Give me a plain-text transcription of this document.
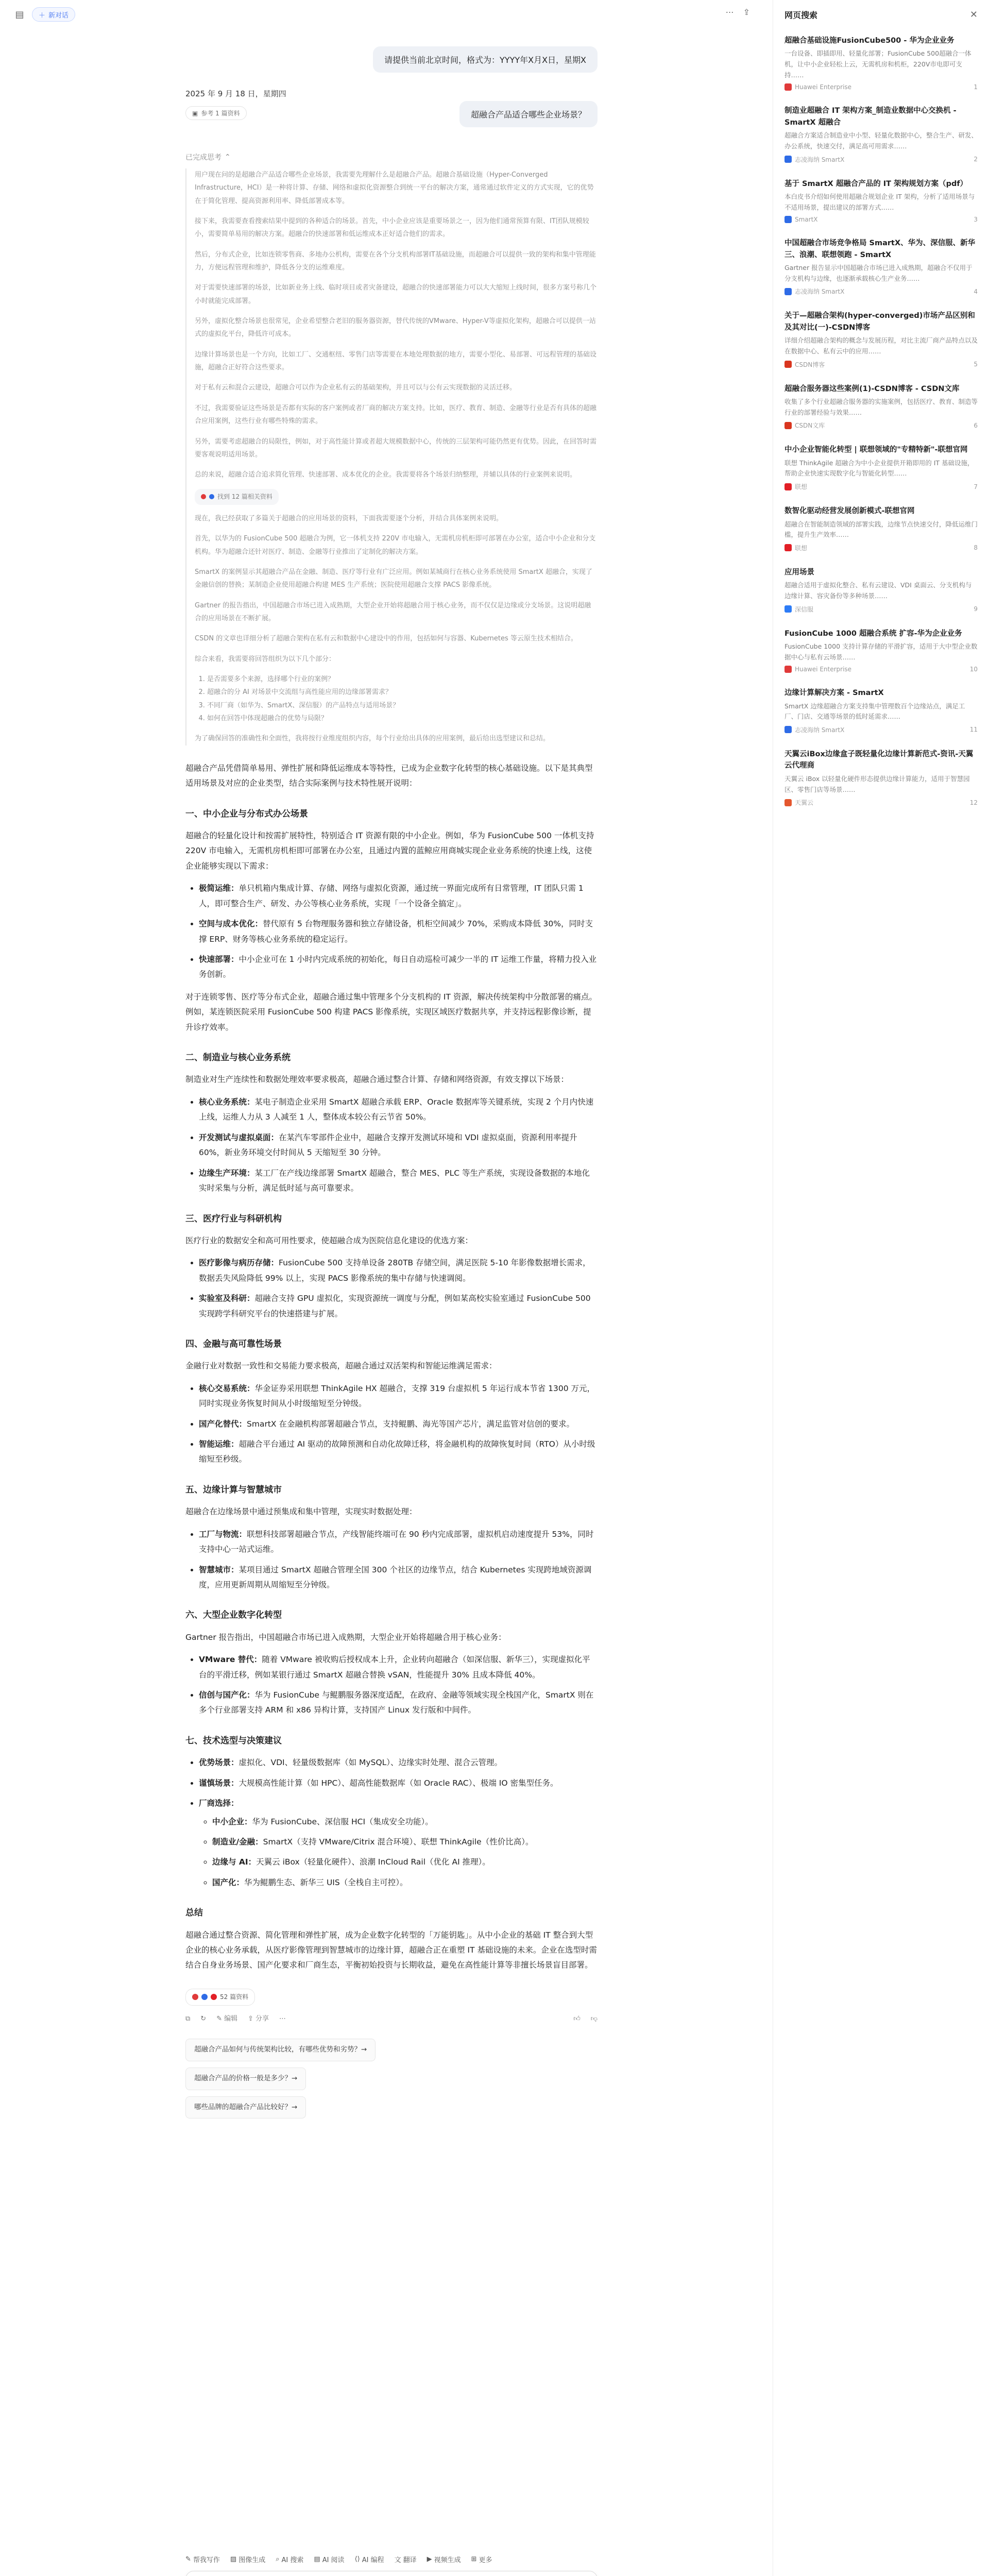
▤	＋ 新对话	⋯ ⇪
请提供当前北京时间，格式为：YYYY年X月X日，星期X
2025 年 9 月 18 日，星期四
▣ 参考 1 篇资料	超融合产品适合哪些企业场景？
已完成思考 ⌃

用户现在问的是超融合产品适合哪些企业场景，我需要先理解什么是超融合产品。超融合基础设施（Hyper-Converged Infrastructure，HCI）是一种将计算、存储、网络和虚拟化资源整合到统一平台的解决方案，通常通过软件定义的方式实现，它的优势在于简化管理、提高资源利用率、降低部署成本等。

接下来，我需要查看搜索结果中提到的各种适合的场景。首先，中小企业应该是重要场景之一，因为他们通常预算有限、IT团队规模较小，需要简单易用的解决方案。超融合的快速部署和低运维成本正好适合他们的需求。

然后，分布式企业，比如连锁零售商、多地办公机构，需要在各个分支机构部署IT基础设施，而超融合可以提供一致的架构和集中管理能力，方便远程管理和维护，降低各分支的运维难度。

对于需要快速部署的场景，比如新业务上线、临时项目或者灾备建设，超融合的快速部署能力可以大大缩短上线时间，很多方案号称几个小时就能完成部署。

另外，虚拟化整合场景也很常见，企业希望整合老旧的服务器资源，替代传统的VMware、Hyper-V等虚拟化架构，超融合可以提供一站式的虚拟化平台，降低许可成本。

边缘计算场景也是一个方向，比如工厂、交通枢纽、零售门店等需要在本地处理数据的地方，需要小型化、易部署、可远程管理的基础设施，超融合正好符合这些要求。

对于私有云和混合云建设，超融合可以作为企业私有云的基础架构，并且可以与公有云实现数据的灵活迁移。

不过，我需要验证这些场景是否都有实际的客户案例或者厂商的解决方案支持。比如，医疗、教育、制造、金融等行业是否有具体的超融合应用案例，这些行业有哪些特殊的需求。

另外，需要考虑超融合的局限性，例如，对于高性能计算或者超大规模数据中心，传统的三层架构可能仍然更有优势。因此，在回答时需要客观说明适用场景。

总的来说，超融合适合追求简化管理、快速部署、成本优化的企业。我需要将各个场景归纳整理，并辅以具体的行业案例来说明。

找到 12 篇相关资料

现在，我已经获取了多篇关于超融合的应用场景的资料，下面我需要逐个分析，并结合具体案例来说明。

首先，以华为的 FusionCube 500 超融合为例，它一体机支持 220V 市电输入，无需机房机柜即可部署在办公室，适合中小企业和分支机构。华为超融合还针对医疗、制造、金融等行业推出了定制化的解决方案。

SmartX 的案例显示其超融合产品在金融、制造、医疗等行业有广泛应用。例如某城商行在核心业务系统使用 SmartX 超融合，实现了金融信创的替换；某制造企业使用超融合构建 MES 生产系统；医院使用超融合支撑 PACS 影像系统。

Gartner 的报告指出，中国超融合市场已进入成熟期，大型企业开始将超融合用于核心业务，而不仅仅是边缘或分支场景。这说明超融合的应用场景在不断扩展。

CSDN 的文章也详细分析了超融合架构在私有云和数据中心建设中的作用，包括如何与容器、Kubernetes 等云原生技术相结合。

综合来看，我需要将回答组织为以下几个部分：

1. 是否需要多个来源，选择哪个行业的案例？
2. 超融合的分 AI 对场景中交流组与高性能应用的边缘部署需求？
3. 不同厂商（如华为、SmartX、深信服）的产品特点与适用场景？
4. 如何在回答中体现超融合的优势与局限？

为了确保回答的准确性和全面性，我将按行业维度组织内容，每个行业给出具体的应用案例，最后给出选型建议和总结。

超融合产品凭借简单易用、弹性扩展和降低运维成本等特性，已成为企业数字化转型的核心基础设施。以下是其典型适用场景及对应的企业类型，结合实际案例与技术特性展开说明：

一、中小企业与分布式办公场景

超融合的轻量化设计和按需扩展特性，特别适合 IT 资源有限的中小企业。例如，华为 FusionCube 500 一体机支持 220V 市电输入，无需机房机柜即可部署在办公室，且通过内置的蓝鲸应用商城实现企业业务系统的快速上线，这使企业能够实现以下需求：

• 极简运维：单只机箱内集成计算、存储、网络与虚拟化资源，通过统一界面完成所有日常管理，IT 团队只需 1 人，即可整合生产、研发、办公等核心业务系统，实现「一个设备全搞定」。
• 空间与成本优化：替代原有 5 台物理服务器和独立存储设备，机柜空间减少 70%，采购成本降低 30%，同时支撑 ERP、财务等核心业务系统的稳定运行。
• 快速部署：中小企业可在 1 小时内完成系统的初始化，每日自动巡检可减少一半的 IT 运维工作量，将精力投入业务创新。

对于连锁零售、医疗等分布式企业，超融合通过集中管理多个分支机构的 IT 资源，解决传统架构中分散部署的痛点。例如，某连锁医院采用 FusionCube 500 构建 PACS 影像系统，实现区域医疗数据共享，并支持远程影像诊断，提升诊疗效率。

二、制造业与核心业务系统

制造业对生产连续性和数据处理效率要求极高，超融合通过整合计算、存储和网络资源，有效支撑以下场景：

• 核心业务系统：某电子制造企业采用 SmartX 超融合承载 ERP、Oracle 数据库等关键系统，实现 2 个月内快速上线，运维人力从 3 人减至 1 人，整体成本较公有云节省 50%。
• 开发测试与虚拟桌面：在某汽车零部件企业中，超融合支撑开发测试环境和 VDI 虚拟桌面，资源利用率提升 60%，新业务环境交付时间从 5 天缩短至 30 分钟。
• 边缘生产环境：某工厂在产线边缘部署 SmartX 超融合，整合 MES、PLC 等生产系统，实现设备数据的本地化实时采集与分析，满足低时延与高可靠要求。
三、医疗行业与科研机构

医疗行业的数据安全和高可用性要求，使超融合成为医院信息化建设的优选方案：

• 医疗影像与病历存储：FusionCube 500 支持单设备 280TB 存储空间，满足医院 5-10 年影像数据增长需求，数据丢失风险降低 99% 以上，实现 PACS 影像系统的集中存储与快速调阅。
• 实验室及科研：超融合支持 GPU 虚拟化，实现资源统一调度与分配，例如某高校实验室通过 FusionCube 500 实现跨学科研究平台的快速搭建与扩展。
四、金融与高可靠性场景

金融行业对数据一致性和交易能力要求极高，超融合通过双活架构和智能运维满足需求：

• 核心交易系统：华金证券采用联想 ThinkAgile HX 超融合，支撑 319 台虚拟机 5 年运行成本节省 1300 万元，同时实现业务恢复时间从小时级缩短至分钟级。
• 国产化替代：SmartX 在金融机构部署超融合节点，支持鲲鹏、海光等国产芯片，满足监管对信创的要求。
• 智能运维：超融合平台通过 AI 驱动的故障预测和自动化故障迁移，将金融机构的故障恢复时间（RTO）从小时级缩短至秒级。
五、边缘计算与智慧城市

超融合在边缘场景中通过预集成和集中管理，实现实时数据处理：

• 工厂与物流：联想科技部署超融合节点，产线智能终端可在 90 秒内完成部署，虚拟机启动速度提升 53%，同时支持中心一站式运维。
• 智慧城市：某项目通过 SmartX 超融合管理全国 300 个社区的边缘节点，结合 Kubernetes 实现跨地域资源调度，应用更新周期从周缩短至分钟级。
六、大型企业数字化转型

Gartner 报告指出，中国超融合市场已进入成熟期，大型企业开始将超融合用于核心业务：

• VMware 替代：随着 VMware 被收购后授权成本上升，企业转向超融合（如深信服、新华三），实现虚拟化平台的平滑迁移，例如某银行通过 SmartX 超融合替换 vSAN，性能提升 30% 且成本降低 40%。
• 信创与国产化：华为 FusionCube 与鲲鹏服务器深度适配，在政府、金融等领域实现全栈国产化，SmartX 则在多个行业部署支持 ARM 和 x86 异构计算，支持国产 Linux 发行版和中间件。
七、技术选型与决策建议
• 优势场景：虚拟化、VDI、轻量级数据库（如 MySQL）、边缘实时处理、混合云管理。
• 谨慎场景：大规模高性能计算（如 HPC）、超高性能数据库（如 Oracle RAC）、极端 IO 密集型任务。
• 厂商选择：
◦ 中小企业：华为 FusionCube、深信服 HCI（集成安全功能）。
◦ 制造业/金融：SmartX（支持 VMware/Citrix 混合环境）、联想 ThinkAgile（性价比高）。
◦ 边缘与 AI：天翼云 iBox（轻量化硬件）、浪潮 InCloud Rail（优化 AI 推理）。
◦ 国产化：华为鲲鹏生态、新华三 UIS（全栈自主可控）。
总结

超融合通过整合资源、简化管理和弹性扩展，成为企业数字化转型的「万能钥匙」。从中小企业的基础 IT 整合到大型企业的核心业务承载，从医疗影像管理到智慧城市的边缘计算，超融合正在重塑 IT 基础设施的未来。企业在选型时需结合自身业务场景、国产化要求和厂商生态，平衡初始投资与长期收益，避免在高性能计算等非擅长场景盲目部署。

52 篇资料
⧉ ↻ ✎ 编辑 ⇪ 分享 ⋯	👍︎ 👎︎
超融合产品如何与传统架构比较，有哪些优势和劣势？→
超融合产品的价格一般是多少？→
哪些品牌的超融合产品比较好？→
✎ 帮我写作 ▨ 图像生成 ⌕ AI 搜索 ▤ AI 阅读 ⟨⟩ AI 编程 文 翻译 ▶ 视频生成 ⊞ 更多
网页搜索	✕
超融合基础设施FusionCube500 - 华为企业业务
一台设备、即插即用、轻量化部署；FusionCube 500超融合一体机，让中小企业轻松上云，无需机房和机柜，220V市电即可支持……
Huawei Enterprise	1
制造业超融合 IT 架构方案_制造业数据中心交换机 - SmartX 超融合
超融合方案适合制造业中小型、轻量化数据中心，整合生产、研发、办公系统，快速交付，满足高可用需求……
志凌海纳 SmartX	2
基于 SmartX 超融合产品的 IT 架构规划方案（pdf）
本白皮书介绍如何使用超融合规划企业 IT 架构，分析了适用场景与不适用场景，提出建议的部署方式……
SmartX	3
中国超融合市场竞争格局 SmartX、华为、深信服、新华三、浪潮、联想领跑 - SmartX
Gartner 报告显示中国超融合市场已进入成熟期，超融合不仅用于分支机构与边缘，也逐渐承载核心生产业务……
志凌海纳 SmartX	4
关于—超融合架构(hyper-converged)市场产品区别和及其对比(一)-CSDN博客
详细介绍超融合架构的概念与发展历程，对比主流厂商产品特点以及在数据中心、私有云中的应用……
CSDN博客	5
超融合服务器这些案例(1)-CSDN博客 - CSDN文库
收集了多个行业超融合服务器的实施案例，包括医疗、教育、制造等行业的部署经验与效果……
CSDN文库	6
中小企业智能化转型 | 联想领域的"专精特新"-联想官网
联想 ThinkAgile 超融合为中小企业提供开箱即用的 IT 基础设施，帮助企业快速实现数字化与智能化转型……
联想	7
数智化驱动经营发展创新模式-联想官网
超融合在智能制造领域的部署实践，边缘节点快速交付，降低运维门槛，提升生产效率……
联想	8
应用场景
超融合适用于虚拟化整合、私有云建设、VDI 桌面云、分支机构与边缘计算、容灾备份等多种场景……
深信服	9
FusionCube 1000 超融合系统 扩容-华为企业业务
FusionCube 1000 支持计算存储的平滑扩容，适用于大中型企业数据中心与私有云场景……
Huawei Enterprise	10
边缘计算解决方案 - SmartX
SmartX 边缘超融合方案支持集中管理数百个边缘站点，满足工厂、门店、交通等场景的低时延需求……
志凌海纳 SmartX	11
天翼云iBox边缘盒子既轻量化边缘计算新范式-资讯-天翼云代理商
天翼云 iBox 以轻量化硬件形态提供边缘计算能力，适用于智慧园区、零售门店等场景……
天翼云	12
